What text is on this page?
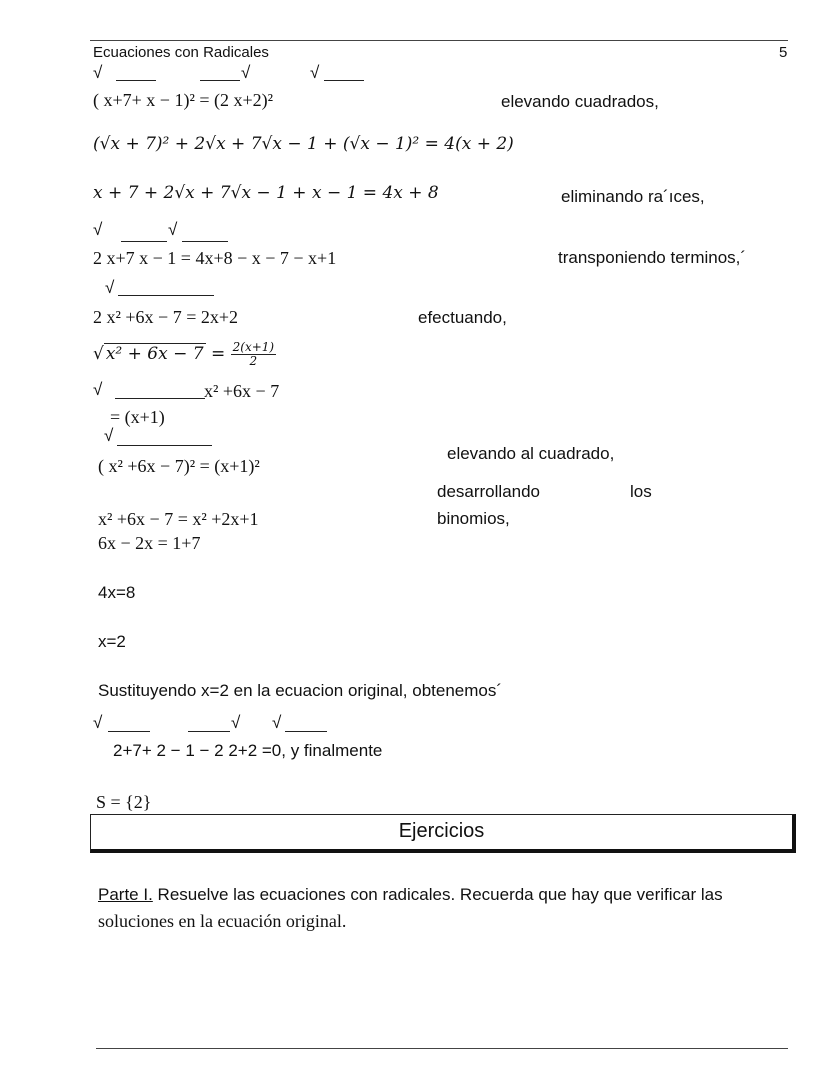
Ecuaciones con Radicales	5
√	√	√
( x+7+ x − 1)² = (2 x+2)²	elevando cuadrados,
(√x + 7)² + 2√x + 7√x − 1 + (√x − 1)² = 4(x + 2)
x + 7 + 2√x + 7√x − 1 + x − 1 = 4x + 8	eliminando ra´ıces,
√	√
2 x+7 x − 1 = 4x+8 − x − 7 − x+1	transponiendo terminos,´
√
2 x² +6x − 7 = 2x+2	efectuando,
√ $x^2 + 6x - 7 = \frac{2(x+1)}{2}$
√	x² +6x − 7
= (x+1)
√
elevando al cuadrado,
( x² +6x − 7)² = (x+1)²
desarrollando	los
x² +6x − 7 = x² +2x+1	binomios,
6x − 2x = 1+7
4x=8
x=2
Sustituyendo x=2 en la ecuacion original, obtenemos´
√	√ √
2+7+ 2 − 1 − 2 2+2 =0, y finalmente
S = {2}
Ejercicios
Parte I. Resuelve las ecuaciones con radicales. Recuerda que hay que verificar las
soluciones en la ecuación original.
